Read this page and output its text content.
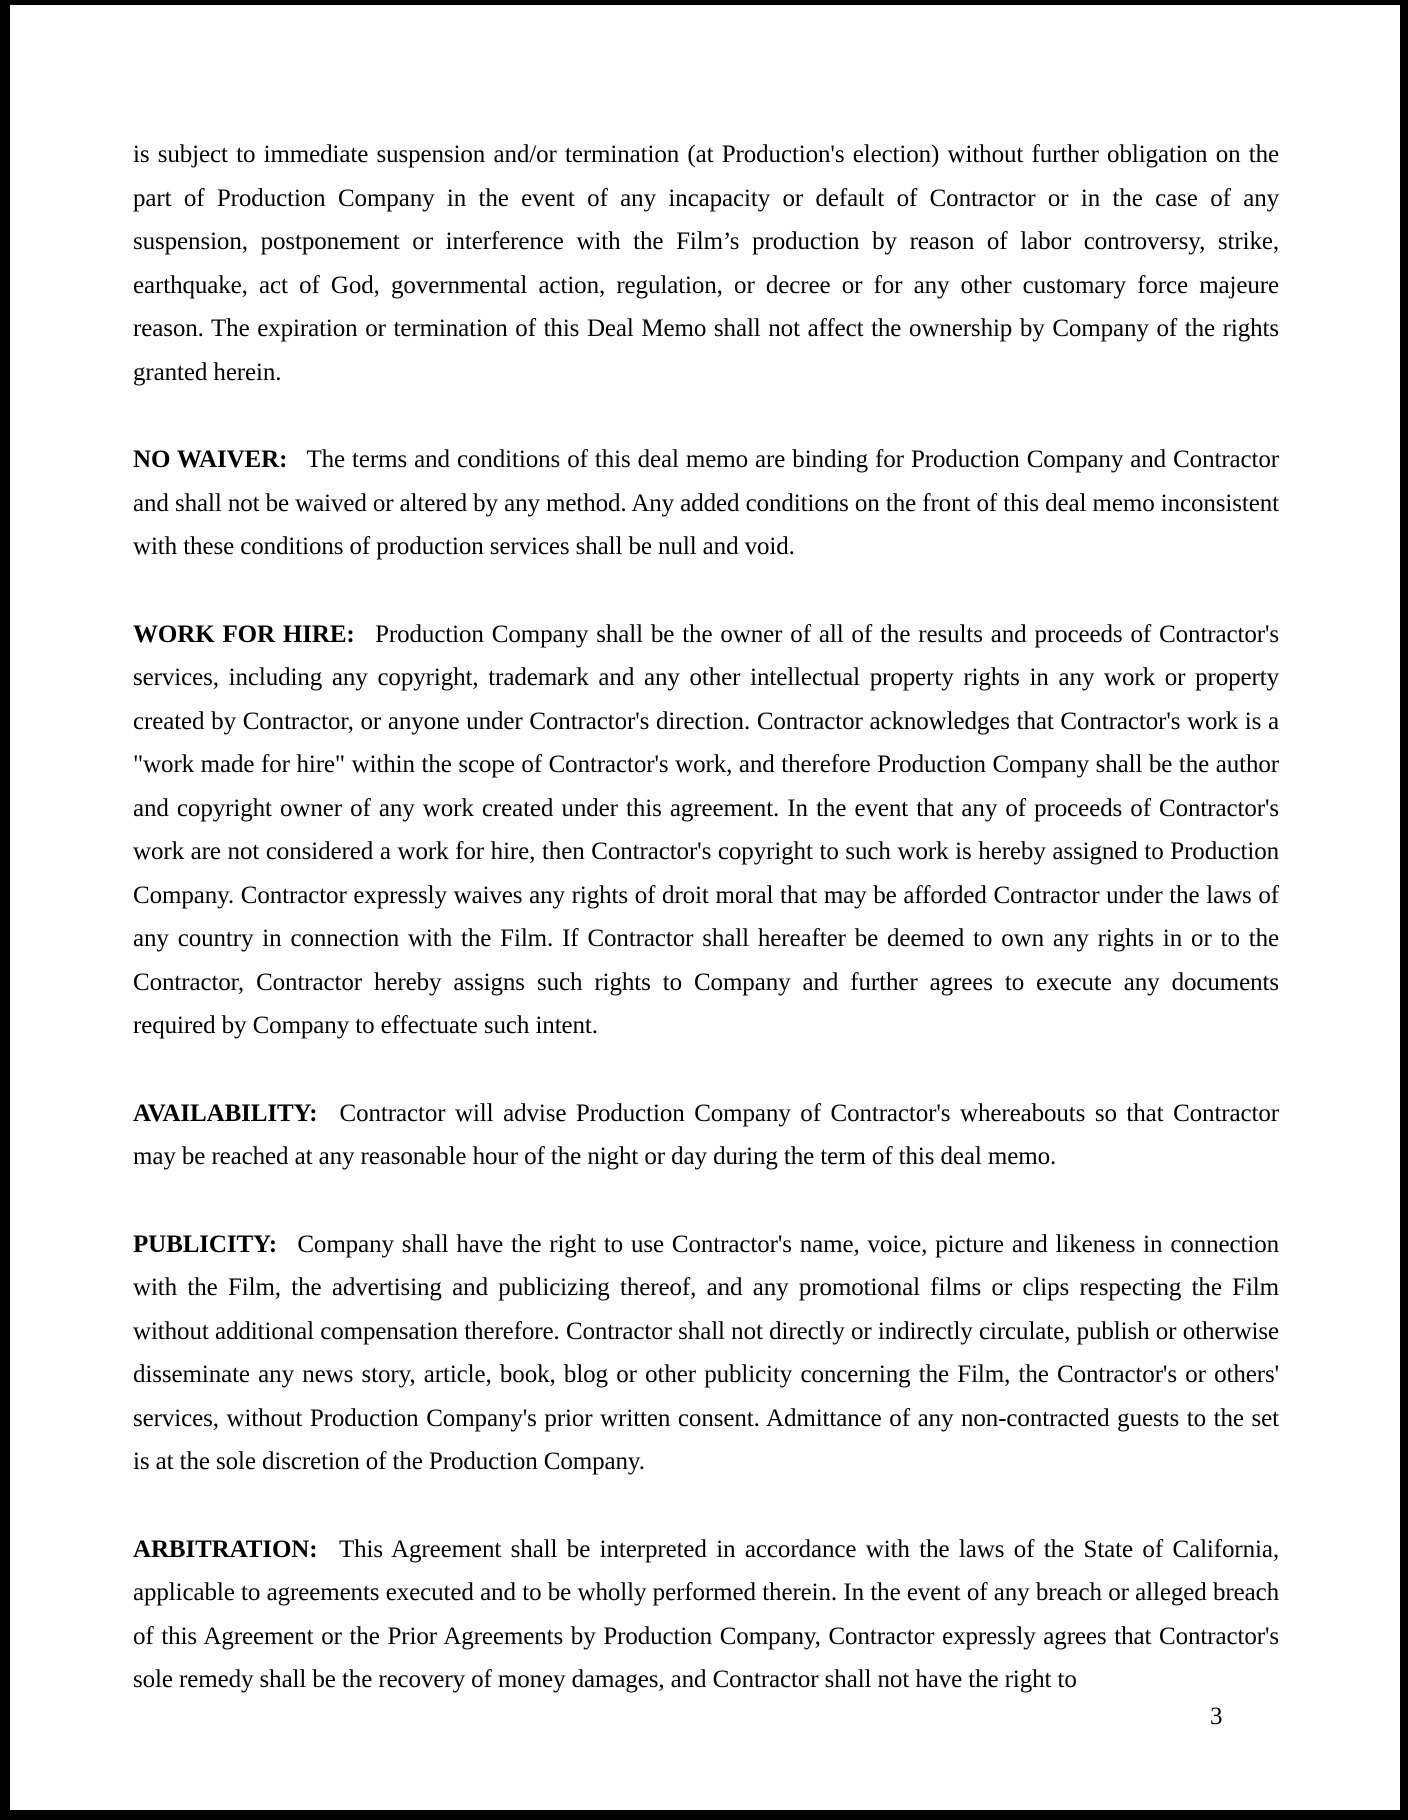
is subject to immediate suspension and/or termination (at Production's election) without further obligation on the part of Production Company in the event of any incapacity or default of Contractor or in the case of any suspension, postponement or interference with the Film’s production by reason of labor controversy, strike, earthquake, act of God, governmental action, regulation, or decree or for any other customary force majeure reason. The expiration or termination of this Deal Memo shall not affect the ownership by Company of the rights granted herein.

NO WAIVER: The terms and conditions of this deal memo are binding for Production Company and Contractor and shall not be waived or altered by any method. Any added conditions on the front of this deal memo inconsistent with these conditions of production services shall be null and void.

WORK FOR HIRE: Production Company shall be the owner of all of the results and proceeds of Contractor's services, including any copyright, trademark and any other intellectual property rights in any work or property created by Contractor, or anyone under Contractor's direction. Contractor acknowledges that Contractor's work is a "work made for hire" within the scope of Contractor's work, and therefore Production Company shall be the author and copyright owner of any work created under this agreement. In the event that any of proceeds of Contractor's work are not considered a work for hire, then Contractor's copyright to such work is hereby assigned to Production Company. Contractor expressly waives any rights of droit moral that may be afforded Contractor under the laws of any country in connection with the Film. If Contractor shall hereafter be deemed to own any rights in or to the Contractor, Contractor hereby assigns such rights to Company and further agrees to execute any documents required by Company to effectuate such intent.

AVAILABILITY: Contractor will advise Production Company of Contractor's whereabouts so that Contractor may be reached at any reasonable hour of the night or day during the term of this deal memo.

PUBLICITY: Company shall have the right to use Contractor's name, voice, picture and likeness in connection with the Film, the advertising and publicizing thereof, and any promotional films or clips respecting the Film without additional compensation therefore. Contractor shall not directly or indirectly circulate, publish or otherwise disseminate any news story, article, book, blog or other publicity concerning the Film, the Contractor's or others' services, without Production Company's prior written consent. Admittance of any non-contracted guests to the set is at the sole discretion of the Production Company.

ARBITRATION: This Agreement shall be interpreted in accordance with the laws of the State of California, applicable to agreements executed and to be wholly performed therein. In the event of any breach or alleged breach of this Agreement or the Prior Agreements by Production Company, Contractor expressly agrees that Contractor's sole remedy shall be the recovery of money damages, and Contractor shall not have the right to

3
